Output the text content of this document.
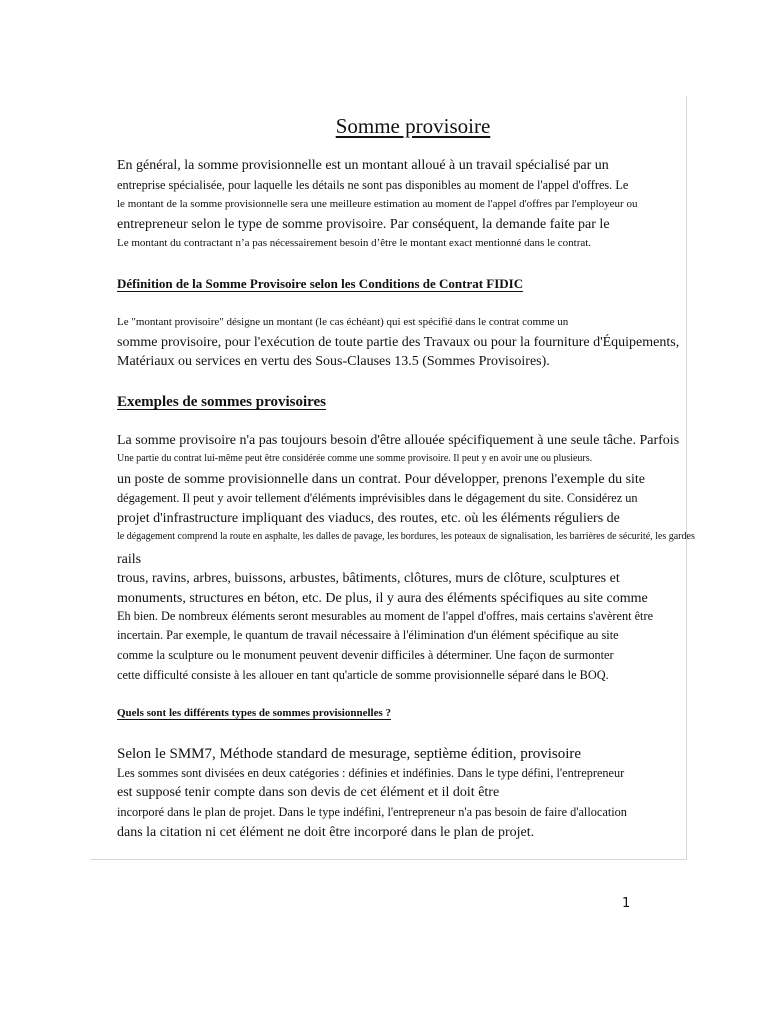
Somme provisoire
En général, la somme provisionnelle est un montant alloué à un travail spécialisé par un
entreprise spécialisée, pour laquelle les détails ne sont pas disponibles au moment de l'appel d'offres. Le
le montant de la somme provisionnelle sera une meilleure estimation au moment de l'appel d'offres par l'employeur ou
entrepreneur selon le type de somme provisoire. Par conséquent, la demande faite par le
Le montant du contractant n’a pas nécessairement besoin d’être le montant exact mentionné dans le contrat.
Définition de la Somme Provisoire selon les Conditions de Contrat FIDIC
Le "montant provisoire" désigne un montant (le cas échéant) qui est spécifié dans le contrat comme un
somme provisoire, pour l'exécution de toute partie des Travaux ou pour la fourniture d'Équipements,
Matériaux ou services en vertu des Sous-Clauses 13.5 (Sommes Provisoires).
Exemples de sommes provisoires
La somme provisoire n'a pas toujours besoin d'être allouée spécifiquement à une seule tâche. Parfois
Une partie du contrat lui-même peut être considérée comme une somme provisoire. Il peut y en avoir une ou plusieurs.
un poste de somme provisionnelle dans un contrat. Pour développer, prenons l'exemple du site
dégagement. Il peut y avoir tellement d'éléments imprévisibles dans le dégagement du site. Considérez un
projet d'infrastructure impliquant des viaducs, des routes, etc. où les éléments réguliers de
le dégagement comprend la route en asphalte, les dalles de pavage, les bordures, les poteaux de signalisation, les barrières de sécurité, les gardes
rails
trous, ravins, arbres, buissons, arbustes, bâtiments, clôtures, murs de clôture, sculptures et
monuments, structures en béton, etc. De plus, il y aura des éléments spécifiques au site comme
Eh bien. De nombreux éléments seront mesurables au moment de l'appel d'offres, mais certains s'avèrent être
incertain. Par exemple, le quantum de travail nécessaire à l'élimination d'un élément spécifique au site
comme la sculpture ou le monument peuvent devenir difficiles à déterminer. Une façon de surmonter
cette difficulté consiste à les allouer en tant qu'article de somme provisionnelle séparé dans le BOQ.
Quels sont les différents types de sommes provisionnelles ?
Selon le SMM7, Méthode standard de mesurage, septième édition, provisoire
Les sommes sont divisées en deux catégories : définies et indéfinies. Dans le type défini, l'entrepreneur
est supposé tenir compte dans son devis de cet élément et il doit être
incorporé dans le plan de projet. Dans le type indéfini, l'entrepreneur n'a pas besoin de faire d'allocation
dans la citation ni cet élément ne doit être incorporé dans le plan de projet.
1
